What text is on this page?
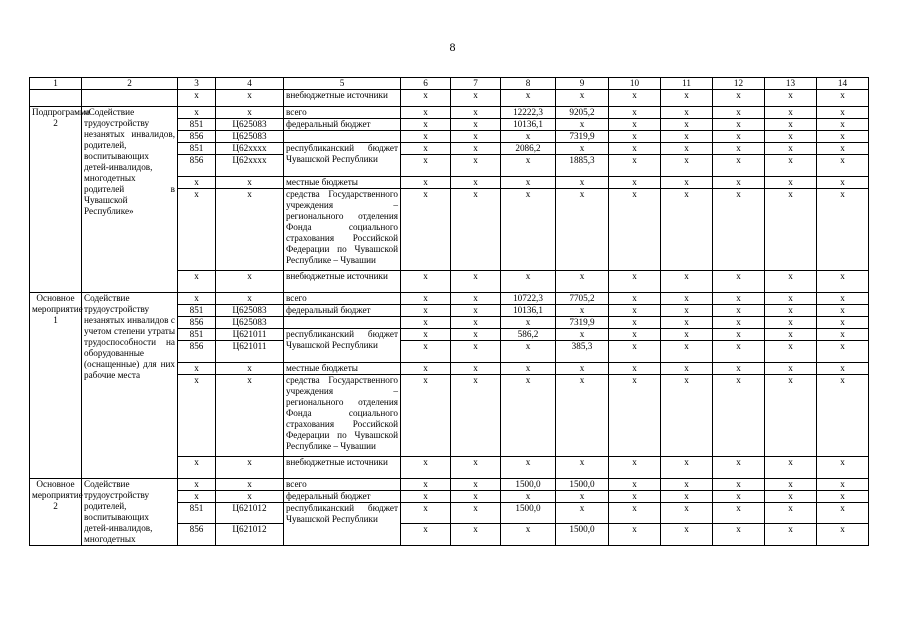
8
1	2	3	4	5	6	7	8	9	10	11	12	13	14
		х	х	внебюджетные источники	х	х	х	х	х	х	х	х	х
Подпрограмма 2	«Содействие трудоустройству незанятых инвалидов, родителей, воспитывающих детей-инвалидов, многодетных родителей в Чувашской Республике»	х	х	всего	х	х	12222,3	9205,2	х	х	х	х	х
		851	Ц625083	федеральный бюджет	х	х	10136,1	х	х	х	х	х	х
		856	Ц625083		х	х	х	7319,9	х	х	х	х	х
		851	Ц62хххх	республиканский бюджет Чувашской Республики	х	х	2086,2	х	х	х	х	х	х
		856	Ц62хххх		х	х	х	1885,3	х	х	х	х	х
		х	х	местные бюджеты	х	х	х	х	х	х	х	х	х
		х	х	средства Государственного учреждения – регионального отделения Фонда социального страхования Российской Федерации по Чувашской Республике – Чувашии	х	х	х	х	х	х	х	х	х
		х	х	внебюджетные источники	х	х	х	х	х	х	х	х	х
Основное мероприятие 1	Содействие трудоустройству незанятых инвалидов с учетом степени утраты трудоспособности на оборудованные (оснащенные) для них рабочие места	х	х	всего	х	х	10722,3	7705,2	х	х	х	х	х
		851	Ц625083	федеральный бюджет	х	х	10136,1	х	х	х	х	х	х
		856	Ц625083		х	х	х	7319,9	х	х	х	х	х
		851	Ц621011	республиканский бюджет Чувашской Республики	х	х	586,2	х	х	х	х	х	х
		856	Ц621011		х	х	х	385,3	х	х	х	х	х
		х	х	местные бюджеты	х	х	х	х	х	х	х	х	х
		х	х	средства Государственного учреждения – регионального отделения Фонда социального страхования Российской Федерации по Чувашской Республике – Чувашии	х	х	х	х	х	х	х	х	х
		х	х	внебюджетные источники	х	х	х	х	х	х	х	х	х
Основное мероприятие 2	Содействие трудоустройству родителей, воспитывающих детей-инвалидов, многодетных	х	х	всего	х	х	1500,0	1500,0	х	х	х	х	х
		х	х	федеральный бюджет	х	х	х	х	х	х	х	х	х
		851	Ц621012	республиканский бюджет Чувашской Республики	х	х	1500,0	х	х	х	х	х	х
		856	Ц621012		х	х	х	1500,0	х	х	х	х	х
